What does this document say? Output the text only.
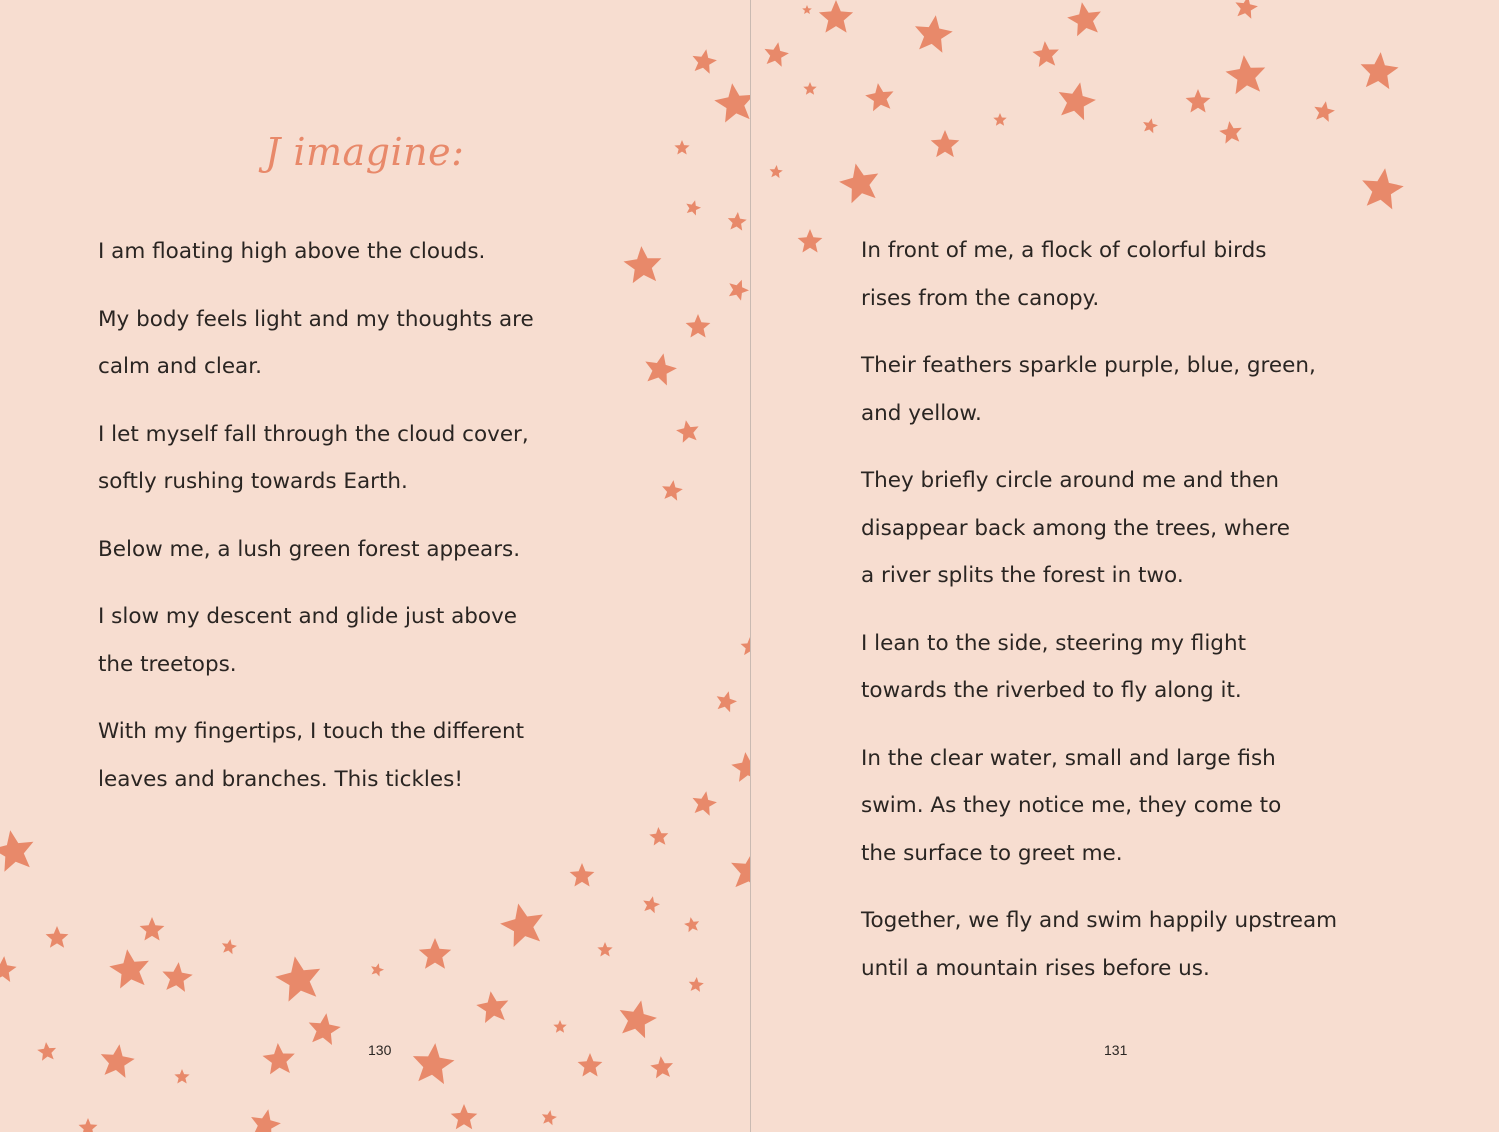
J imagine:

I am floating high above the clouds.

My body feels light and my thoughts are
calm and clear.

I let myself fall through the cloud cover,
softly rushing towards Earth.

Below me, a lush green forest appears.

I slow my descent and glide just above
the treetops.

With my fingertips, I touch the different
leaves and branches. This tickles!

130

In front of me, a flock of colorful birds
rises from the canopy.

Their feathers sparkle purple, blue, green,
and yellow.

They briefly circle around me and then
disappear back among the trees, where
a river splits the forest in two.

I lean to the side, steering my flight
towards the riverbed to fly along it.

In the clear water, small and large fish
swim. As they notice me, they come to
the surface to greet me.

Together, we fly and swim happily upstream
until a mountain rises before us.

131
